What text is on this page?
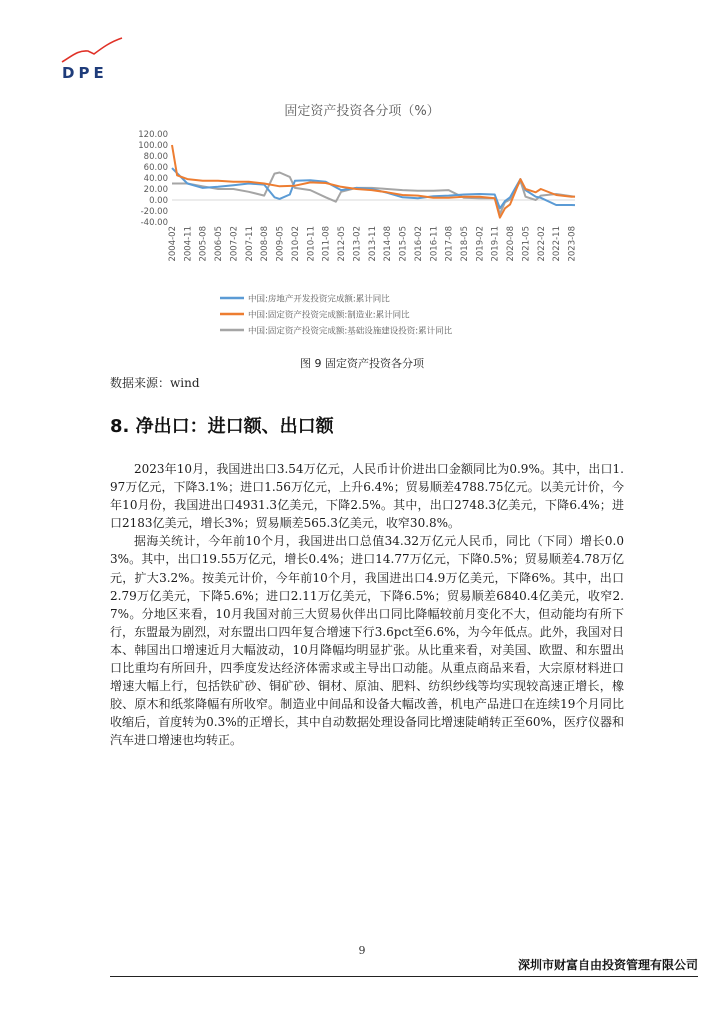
DPE
固定资产投资各分项（%）
120.00
100.00
80.00
60.00
40.00
20.00
0.00
-20.00
-40.00
2004-02 2004-11 2005-08 2006-05 2007-02 2007-11 2008-08 2009-05 2010-02 2010-11 2011-08 2012-05 2013-02 2013-11 2014-08 2015-05 2016-02 2016-11 2017-08 2018-05 2019-02 2019-11 2020-08 2021-05 2022-02 2022-11 2023-08
中国:房地产开发投资完成额:累计同比
中国:固定资产投资完成额:制造业:累计同比
中国:固定资产投资完成额:基础设施建设投资:累计同比
图 9 固定资产投资各分项
数据来源：wind
8. 净出口：进口额、出口额

2023年10月，我国进出口3.54万亿元，人民币计价进出口金额同比为0.9%。其中，出口1.97万亿元，下降3.1%；进口1.56万亿元，上升6.4%；贸易顺差4788.75亿元。以美元计价，今年10月份，我国进出口4931.3亿美元，下降2.5%。其中，出口2748.3亿美元，下降6.4%；进口2183亿美元，增长3%；贸易顺差565.3亿美元，收窄30.8%。

据海关统计，今年前10个月，我国进出口总值34.32万亿元人民币，同比（下同）增长0.03%。其中，出口19.55万亿元，增长0.4%；进口14.77万亿元，下降0.5%；贸易顺差4.78万亿元，扩大3.2%。按美元计价，今年前10个月，我国进出口4.9万亿美元，下降6%。其中，出口2.79万亿美元，下降5.6%；进口2.11万亿美元，下降6.5%；贸易顺差6840.4亿美元，收窄2.7%。分地区来看，10月我国对前三大贸易伙伴出口同比降幅较前月变化不大，但动能均有所下行，东盟最为剧烈，对东盟出口四年复合增速下行3.6pct至6.6%，为今年低点。此外，我国对日本、韩国出口增速近月大幅波动，10月降幅均明显扩张。从比重来看，对美国、欧盟、和东盟出口比重均有所回升，四季度发达经济体需求或主导出口动能。从重点商品来看，大宗原材料进口增速大幅上行，包括铁矿砂、铜矿砂、铜材、原油、肥料、纺织纱线等均实现较高速正增长，橡胶、原木和纸浆降幅有所收窄。制造业中间品和设备大幅改善，机电产品进口在连续19个月同比收缩后，首度转为0.3%的正增长，其中自动数据处理设备同比增速陡峭转正至60%，医疗仪器和汽车进口增速也均转正。

9
深圳市财富自由投资管理有限公司
